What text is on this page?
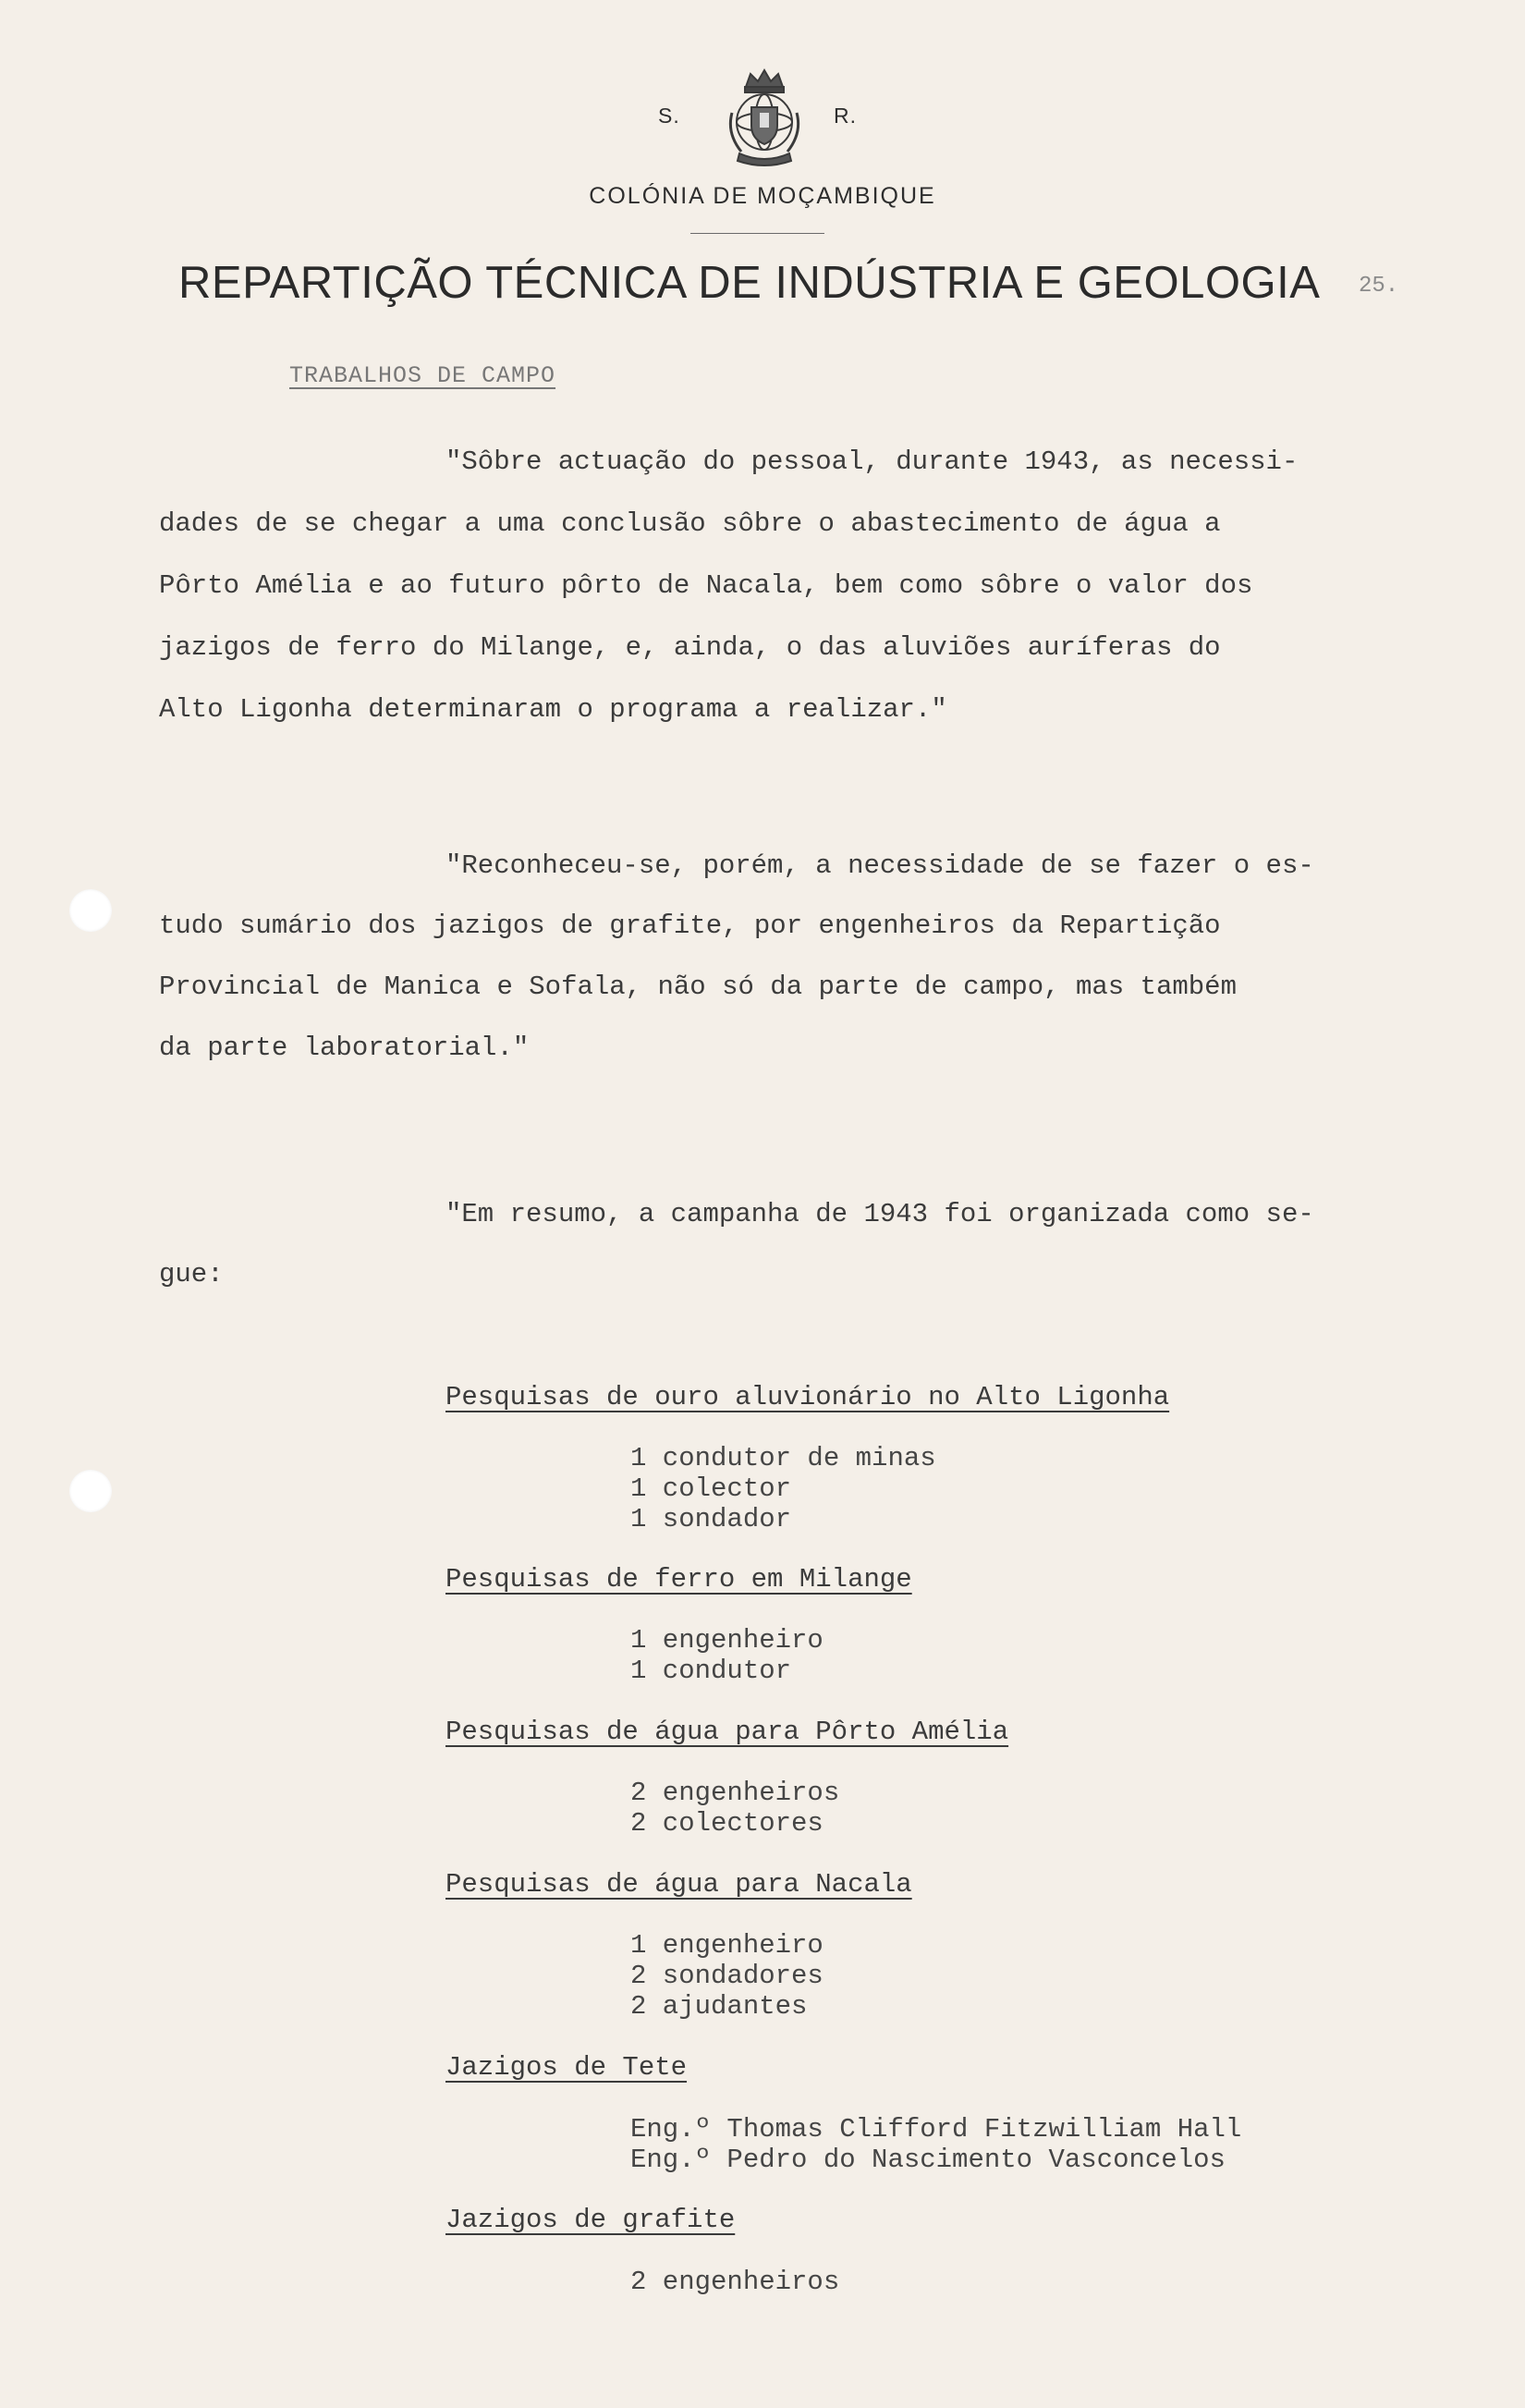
S.	R.
COLÓNIA DE MOÇAMBIQUE
REPARTIÇÃO TÉCNICA DE INDÚSTRIA E GEOLOGIA 25.
TRABALHOS DE CAMPO
"Sôbre actuação do pessoal, durante 1943, as necessi-
dades de se chegar a uma conclusão sôbre o abastecimento de água a
Pôrto Amélia e ao futuro pôrto de Nacala, bem como sôbre o valor dos
jazigos de ferro do Milange, e, ainda, o das aluviões auríferas do
Alto Ligonha determinaram o programa a realizar."
"Reconheceu-se, porém, a necessidade de se fazer o es-
tudo sumário dos jazigos de grafite, por engenheiros da Repartição
Provincial de Manica e Sofala, não só da parte de campo, mas também
da parte laboratorial."
"Em resumo, a campanha de 1943 foi organizada como se-
gue:
Pesquisas de ouro aluvionário no Alto Ligonha
1 condutor de minas
1 colector
1 sondador
Pesquisas de ferro em Milange
1 engenheiro
1 condutor
Pesquisas de água para Pôrto Amélia
2 engenheiros
2 colectores
Pesquisas de água para Nacala
1 engenheiro
2 sondadores
2 ajudantes
Jazigos de Tete
Eng.º Thomas Clifford Fitzwilliam Hall
Eng.º Pedro do Nascimento Vasconcelos
Jazigos de grafite
2 engenheiros
